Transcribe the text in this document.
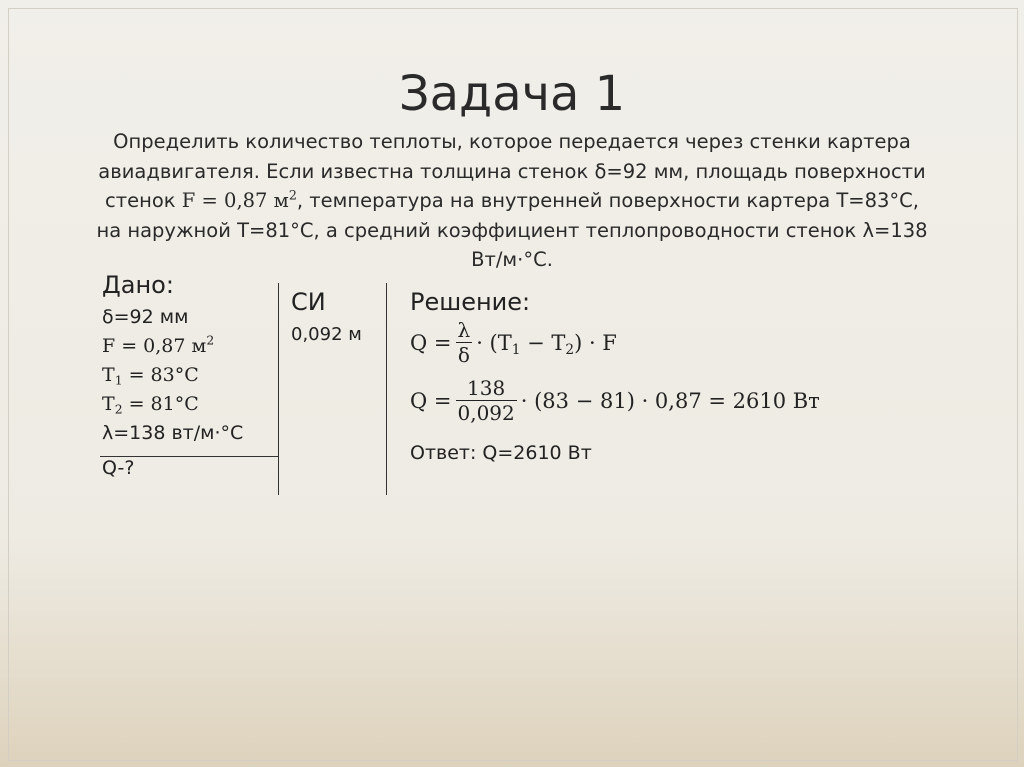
Задача 1
Определить количество теплоты, которое передается через стенки картера
авиадвигателя. Если известна толщина стенок δ=92 мм, площадь поверхности
стенок F = 0,87 $м^2$, температура на внутренней поверхности картера T=83°C,
на наружной T=81°C, а средний коэффициент теплопроводности стенок λ=138
Вт/м·°C.
Дано:
δ=92 мм
F = 0,87 $м^2$
$T_1 = 83^\circ C$
$T_2 = 81^\circ C$
λ=138 вт/м·°C
Q-?
СИ
0,092 м
Решение:
$Q = \frac{\lambda}{\delta} \cdot (T_1 - T_2) \cdot F$
$Q = \frac{138}{0,092} \cdot (83 - 81) \cdot 0,87 = 2610$ Вт
Ответ: Q=2610 Вт
